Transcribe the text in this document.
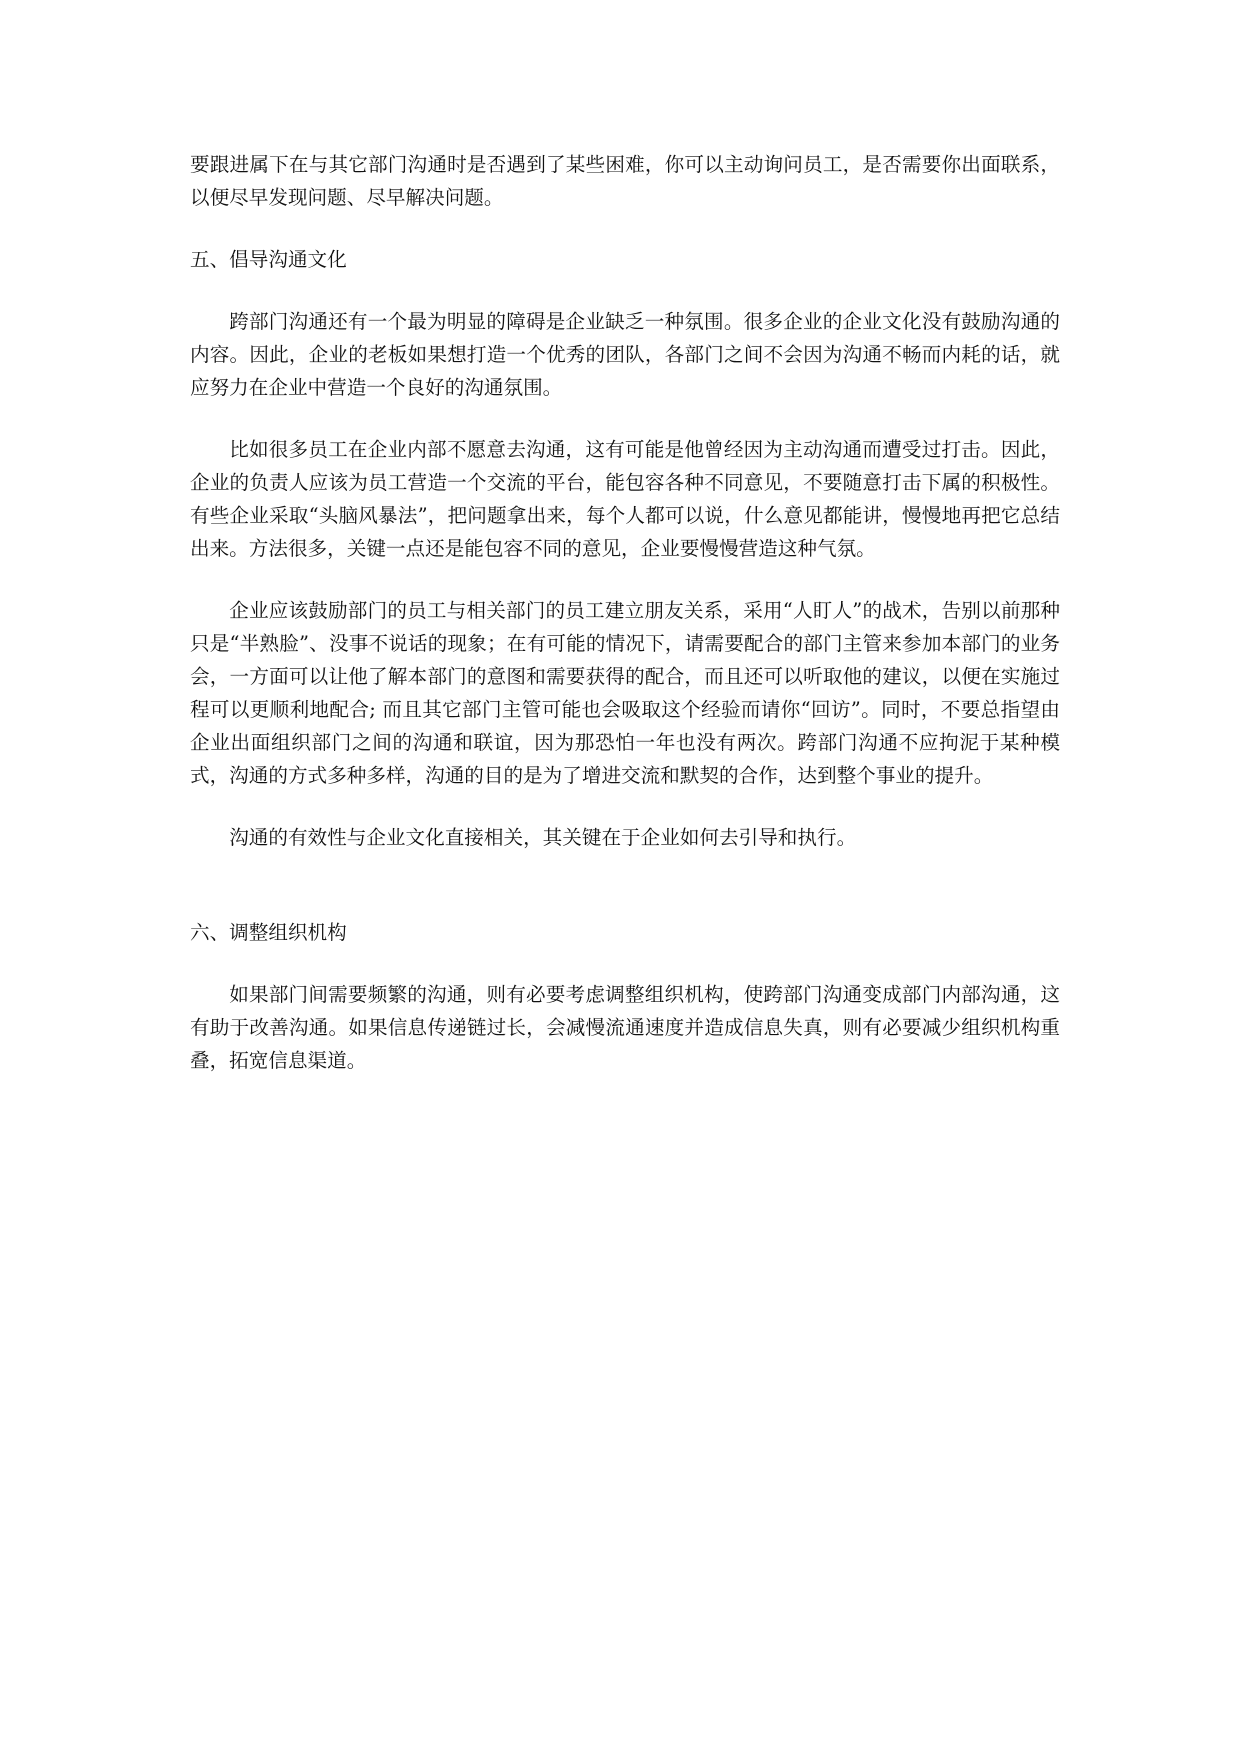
要跟进属下在与其它部门沟通时是否遇到了某些困难，你可以主动询问员工，是否需要你出面联系，以便尽早发现问题、尽早解决问题。

五、倡导沟通文化

跨部门沟通还有一个最为明显的障碍是企业缺乏一种氛围。很多企业的企业文化没有鼓励沟通的内容。因此，企业的老板如果想打造一个优秀的团队，各部门之间不会因为沟通不畅而内耗的话，就应努力在企业中营造一个良好的沟通氛围。

比如很多员工在企业内部不愿意去沟通，这有可能是他曾经因为主动沟通而遭受过打击。因此，企业的负责人应该为员工营造一个交流的平台，能包容各种不同意见，不要随意打击下属的积极性。有些企业采取“头脑风暴法”，把问题拿出来，每个人都可以说，什么意见都能讲，慢慢地再把它总结出来。方法很多，关键一点还是能包容不同的意见，企业要慢慢营造这种气氛。

企业应该鼓励部门的员工与相关部门的员工建立朋友关系，采用“人盯人”的战术，告别以前那种只是“半熟脸”、没事不说话的现象；在有可能的情况下，请需要配合的部门主管来参加本部门的业务会，一方面可以让他了解本部门的意图和需要获得的配合，而且还可以听取他的建议，以便在实施过程可以更顺利地配合; 而且其它部门主管可能也会吸取这个经验而请你“回访”。同时，不要总指望由企业出面组织部门之间的沟通和联谊，因为那恐怕一年也没有两次。跨部门沟通不应拘泥于某种模式，沟通的方式多种多样，沟通的目的是为了增进交流和默契的合作，达到整个事业的提升。

沟通的有效性与企业文化直接相关，其关键在于企业如何去引导和执行。

六、调整组织机构

如果部门间需要频繁的沟通，则有必要考虑调整组织机构，使跨部门沟通变成部门内部沟通，这有助于改善沟通。如果信息传递链过长，会减慢流通速度并造成信息失真，则有必要减少组织机构重叠，拓宽信息渠道。
